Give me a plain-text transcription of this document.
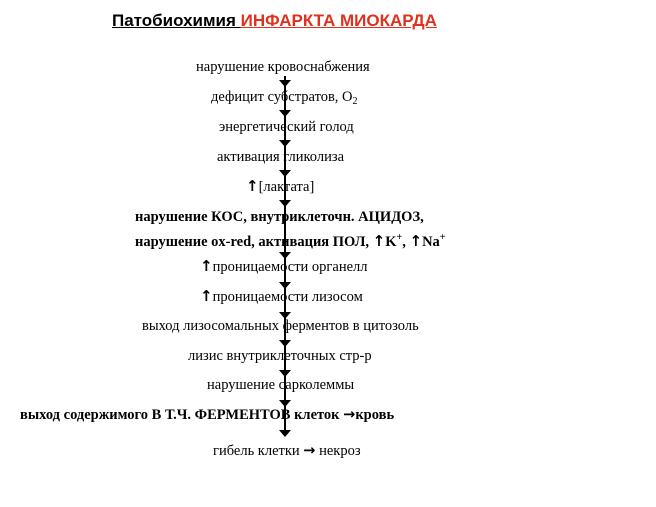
Патобиохимия ИНФАРКТА МИОКАРДА
нарушение кровоснабжения
дефицит субстратов, $О_2$
энергетический голод
активация гликолиза
↑[лактата]
нарушение КОС, внутриклеточн. АЦИДОЗ,
нарушение ox-red, активация ПОЛ, ↑K+, ↑Na+
↑проницаемости органелл
↑проницаемости лизосом
выход лизосомальных ферментов в цитозоль
лизис внутриклеточных стр-р
нарушение сарколеммы
выход содержимого В Т.Ч. ФЕРМЕНТОВ клеток →кровь
гибель клетки → некроз
